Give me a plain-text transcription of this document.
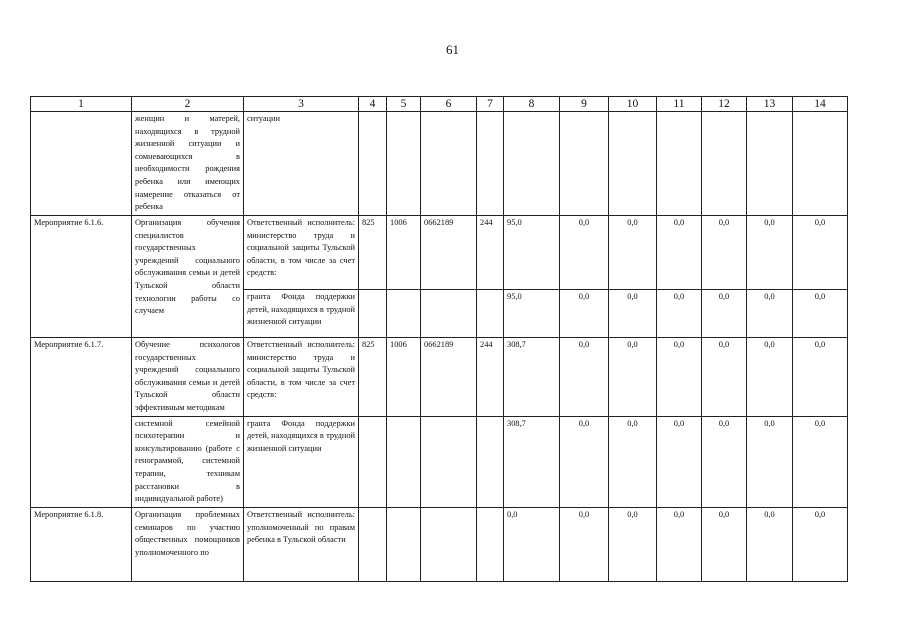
61
1	2	3	4	5	6	7	8	9	10	11	12	13	14
	женщин и матерей, находящихся в трудной жизненной ситуации и сомневающихся в необходимости рождения ребенка или имеющих намерение отказаться от ребенка	ситуации											
Мероприятие 6.1.6.	Организация обучения специалистов государственных учреждений социального обслуживания семьи и детей Тульской области технологии работы со случаем	Ответственный исполнитель: министерство труда и социальной защиты Тульской области, в том числе за счет средств:	825	1006	0662189	244	95,0	0,0	0,0	0,0	0,0	0,0	0,0
		гранта Фонда поддержки детей, находящихся в трудной жизненной ситуации					95,0	0,0	0,0	0,0	0,0	0,0	0,0
Мероприятие 6.1.7.	Обучение психологов государственных учреждений социального обслуживания семьи и детей Тульской области эффективным методикам	Ответственный исполнитель: министерство труда и социальной защиты Тульской области, в том числе за счет средств:	825	1006	0662189	244	308,7	0,0	0,0	0,0	0,0	0,0	0,0
	системной семейной психотерапии и консультированию (работе с генограммой, системной терапии, техникам расстановки в индивидуальной работе)	гранта Фонда поддержки детей, находящихся в трудной жизненной ситуации					308,7	0,0	0,0	0,0	0,0	0,0	0,0
Мероприятие 6.1.8.	Организация проблемных семинаров по участию общественных помощников уполномоченного по	Ответственный исполнитель: уполномоченный по правам ребенка в Тульской области					0,0	0,0	0,0	0,0	0,0	0,0	0,0
